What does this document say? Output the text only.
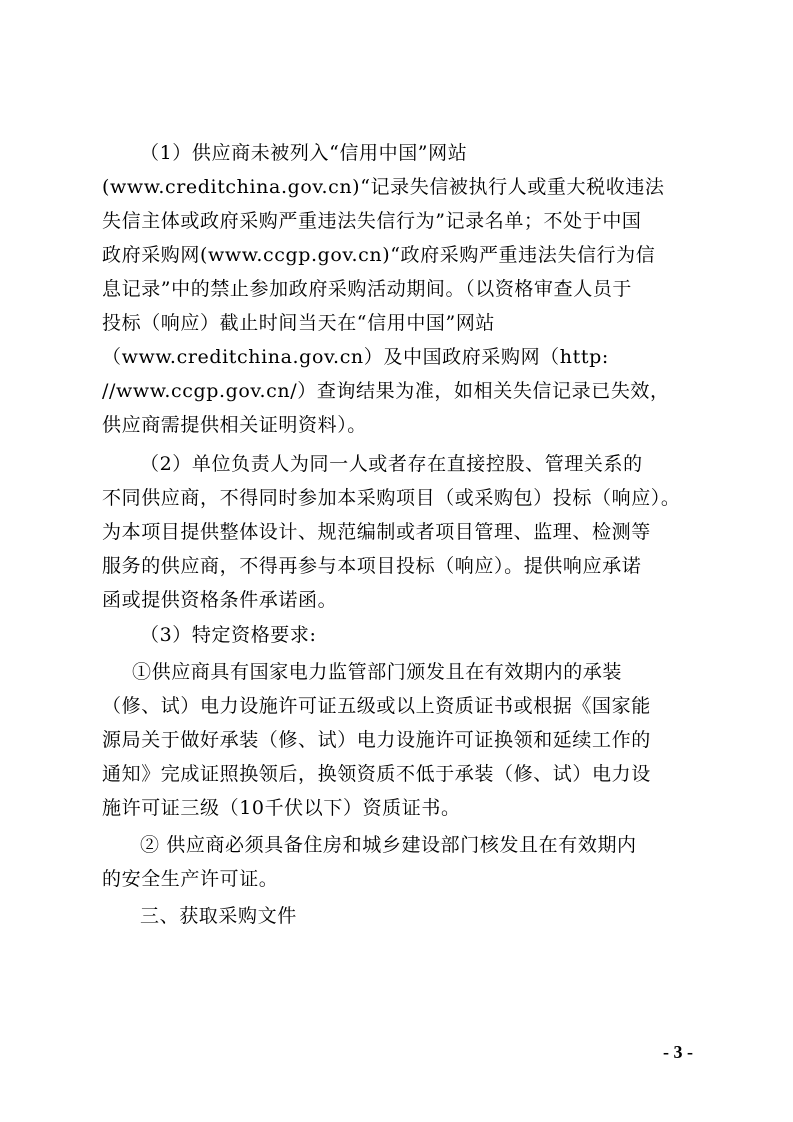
（1）供应商未被列入“信用中国”网站
(www.creditchina.gov.cn)“记录失信被执行人或重大税收违法
失信主体或政府采购严重违法失信行为”记录名单；不处于中国
政府采购网(www.ccgp.gov.cn)“政府采购严重违法失信行为信
息记录”中的禁止参加政府采购活动期间。（以资格审查人员于
投标（响应）截止时间当天在“信用中国”网站
（www.creditchina.gov.cn）及中国政府采购网（http:
//www.ccgp.gov.cn/）查询结果为准，如相关失信记录已失效，
供应商需提供相关证明资料）。
（2）单位负责人为同一人或者存在直接控股、管理关系的
不同供应商，不得同时参加本采购项目（或采购包）投标（响应）。
为本项目提供整体设计、规范编制或者项目管理、监理、检测等
服务的供应商，不得再参与本项目投标（响应）。提供响应承诺
函或提供资格条件承诺函。
（3）特定资格要求:
①供应商具有国家电力监管部门颁发且在有效期内的承装
（修、试）电力设施许可证五级或以上资质证书或根据《国家能
源局关于做好承装（修、试）电力设施许可证换领和延续工作的
通知》完成证照换领后，换领资质不低于承装（修、试）电力设
施许可证三级（10千伏以下）资质证书。
② 供应商必须具备住房和城乡建设部门核发且在有效期内
的安全生产许可证。
三、获取采购文件
- 3 -
